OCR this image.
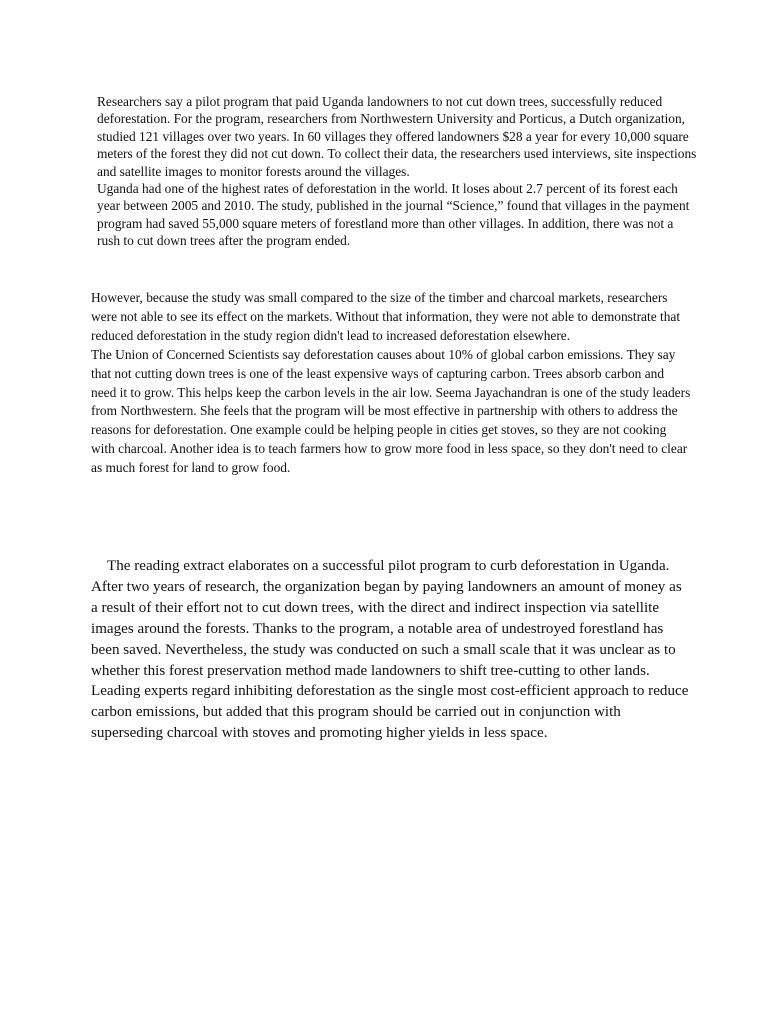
Researchers say a pilot program that paid Uganda landowners to not cut down trees, successfully reduced deforestation. For the program, researchers from Northwestern University and Porticus, a Dutch organization, studied 121 villages over two years. In 60 villages they offered landowners $28 a year for every 10,000 square meters of the forest they did not cut down. To collect their data, the researchers used interviews, site inspections and satellite images to monitor forests around the villages.

Uganda had one of the highest rates of deforestation in the world. It loses about 2.7 percent of its forest each year between 2005 and 2010. The study, published in the journal “Science,” found that villages in the payment program had saved 55,000 square meters of forestland more than other villages. In addition, there was not a rush to cut down trees after the program ended.

However, because the study was small compared to the size of the timber and charcoal markets, researchers were not able to see its effect on the markets. Without that information, they were not able to demonstrate that reduced deforestation in the study region didn't lead to increased deforestation elsewhere.

The Union of Concerned Scientists say deforestation causes about 10% of global carbon emissions. They say that not cutting down trees is one of the least expensive ways of capturing carbon. Trees absorb carbon and need it to grow. This helps keep the carbon levels in the air low. Seema Jayachandran is one of the study leaders from Northwestern. She feels that the program will be most effective in partnership with others to address the reasons for deforestation. One example could be helping people in cities get stoves, so they are not cooking with charcoal. Another idea is to teach farmers how to grow more food in less space, so they don't need to clear as much forest for land to grow food.

The reading extract elaborates on a successful pilot program to curb deforestation in Uganda. After two years of research, the organization began by paying landowners an amount of money as a result of their effort not to cut down trees, with the direct and indirect inspection via satellite images around the forests. Thanks to the program, a notable area of undestroyed forestland has been saved. Nevertheless, the study was conducted on such a small scale that it was unclear as to whether this forest preservation method made landowners to shift tree-cutting to other lands. Leading experts regard inhibiting deforestation as the single most cost-efficient approach to reduce carbon emissions, but added that this program should be carried out in conjunction with superseding charcoal with stoves and promoting higher yields in less space.
